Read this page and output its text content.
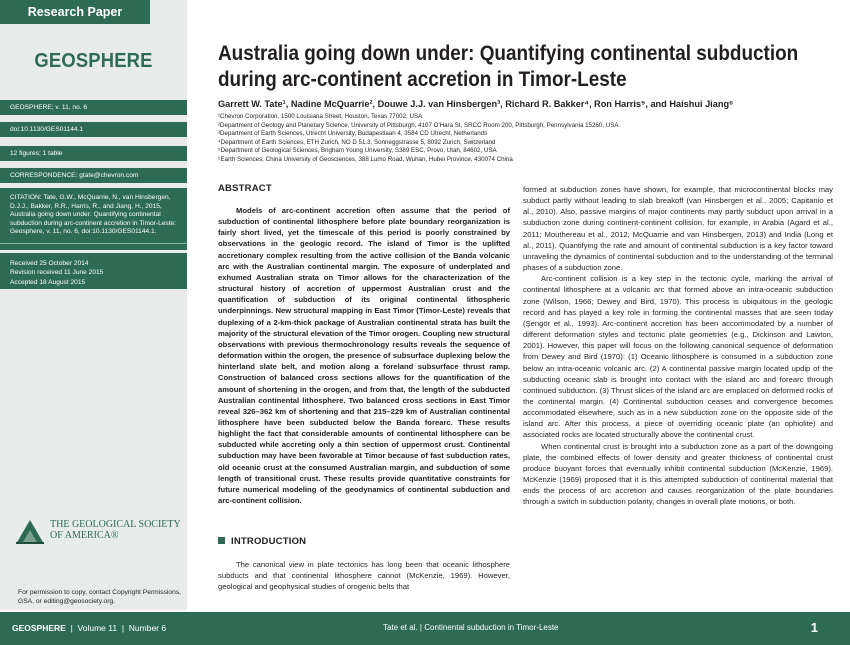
Research Paper
GEOSPHERE
GEOSPHERE; v. 11, no. 6
doi:10.1130/GES01144.1
12 figures; 1 table
CORRESPONDENCE: gtate@chevron.com
CITATION: Tate, G.W., McQuarrie, N., van Hinsbergen, D.J.J., Bakker, R.R., Harris, R., and Jiang, H., 2015, Australia going down under: Quantifying continental subduction during arc-continent accretion in Timor-Leste: Geosphere, v. 11, no. 6, doi:10.1130/GES01144.1.
Received 25 October 2014
Revision received 11 June 2015
Accepted 18 August 2015
THE GEOLOGICAL SOCIETY
OF AMERICA®
For permission to copy, contact Copyright Permissions, GSA, or editing@geosociety.org.
Australia going down under: Quantifying continental subduction
during arc-continent accretion in Timor-Leste
Garrett W. Tate¹, Nadine McQuarrie², Douwe J.J. van Hinsbergen³, Richard R. Bakker⁴, Ron Harris⁵, and Haishui Jiang⁶
¹Chevron Corporation, 1500 Louisiana Street, Houston, Texas 77002, USA
²Department of Geology and Planetary Science, University of Pittsburgh, 4107 O'Hara St, SRCC Room 200, Pittsburgh, Pennsylvania 15260, USA
³Department of Earth Sciences, Utrecht University, Budapestlaan 4, 3584 CD Utrecht, Netherlands
⁴Department of Earth Sciences, ETH Zurich, NO D 51.3, Sonneggstrasse 5, 8092 Zurich, Switzerland
⁵Department of Geological Sciences, Brigham Young University, S389 ESC, Provo, Utah, 84602, USA
⁶Earth Sciences, China University of Geosciences, 388 Lumo Road, Wuhan, Hubei Province, 430074 China
ABSTRACT
Models of arc-continent accretion often assume that the period of subduction of continental lithosphere before plate boundary reorganization is fairly short lived, yet the timescale of this period is poorly constrained by observations in the geologic record. The island of Timor is the uplifted accretionary complex resulting from the active collision of the Banda volcanic arc with the Australian continental margin. The exposure of underplated and exhumed Australian strata on Timor allows for the characterization of the structural history of accretion of uppermost Australian crust and the quantification of subduction of its original continental lithospheric underpinnings. New structural mapping in East Timor (Timor-Leste) reveals that duplexing of a 2-km-thick package of Australian continental strata has built the majority of the structural elevation of the Timor orogen. Coupling new structural observations with previous thermochronology results reveals the sequence of deformation within the orogen, the presence of subsurface duplexing below the hinterland slate belt, and motion along a foreland subsurface thrust ramp. Construction of balanced cross sections allows for the quantification of the amount of shortening in the orogen, and from that, the length of the subducted Australian continental lithosphere. Two balanced cross sections in East Timor reveal 326–362 km of shortening and that 215–229 km of Australian continental lithosphere have been subducted below the Banda forearc. These results highlight the fact that considerable amounts of continental lithosphere can be subducted while accreting only a thin section of uppermost crust. Continental subduction may have been favorable at Timor because of fast subduction rates, old oceanic crust at the consumed Australian margin, and subduction of some length of transitional crust. These results provide quantitative constraints for future numerical modeling of the geodynamics of continental subduction and arc-continent collision.
INTRODUCTION
The canonical view in plate tectonics has long been that oceanic lithosphere subducts and that continental lithosphere cannot (McKenzie, 1969). However, geological and geophysical studies of orogenic belts that

formed at subduction zones have shown, for example, that microcontinental blocks may subduct partly without leading to slab breakoff (van Hinsbergen et al., 2005; Capitanio et al., 2010). Also, passive margins of major continents may partly subduct upon arrival in a subduction zone during continent-continent collision, for example, in Arabia (Agard et al., 2011; Mouthereau et al., 2012; McQuarrie and van Hinsbergen, 2013) and India (Long et al., 2011). Quantifying the rate and amount of continental subduction is a key factor toward unraveling the dynamics of continental subduction and to the understanding of the terminal phases of a subduction zone.

Arc-continent collision is a key step in the tectonic cycle, marking the arrival of continental lithosphere at a volcanic arc that formed above an intra-oceanic subduction zone (Wilson, 1966; Dewey and Bird, 1970). This process is ubiquitous in the geologic record and has played a key role in forming the continental masses that are seen today (Şengör et al., 1993). Arc-continent accretion has been accommodated by a number of different deformation styles and tectonic plate geometries (e.g., Dickinson and Lawton, 2001). However, this paper will focus on the following canonical sequence of deformation from Dewey and Bird (1970): (1) Oceanic lithosphere is consumed in a subduction zone below an intra-oceanic volcanic arc. (2) A continental passive margin located updip of the subducting oceanic slab is brought into contact with the island arc and forearc through continued subduction. (3) Thrust slices of the island arc are emplaced on deformed rocks of the continental margin. (4) Continental subduction ceases and convergence becomes accommodated elsewhere, such as in a new subduction zone on the opposite side of the island arc. After this process, a piece of overriding oceanic plate (an ophiolite) and associated rocks are located structurally above the continental crust.

When continental crust is brought into a subduction zone as a part of the downgoing plate, the combined effects of lower density and greater thickness of continental crust produce buoyant forces that eventually inhibit continental subduction (McKenzie, 1969). McKenzie (1969) proposed that it is this attempted subduction of continental material that ends the process of arc accretion and causes reorganization of the plate boundaries through a switch in subduction polarity, changes in overall plate motions, or both.

GEOSPHERE  |  Volume 11  |  Number 6	Tate et al. | Continental subduction in Timor-Leste	1
